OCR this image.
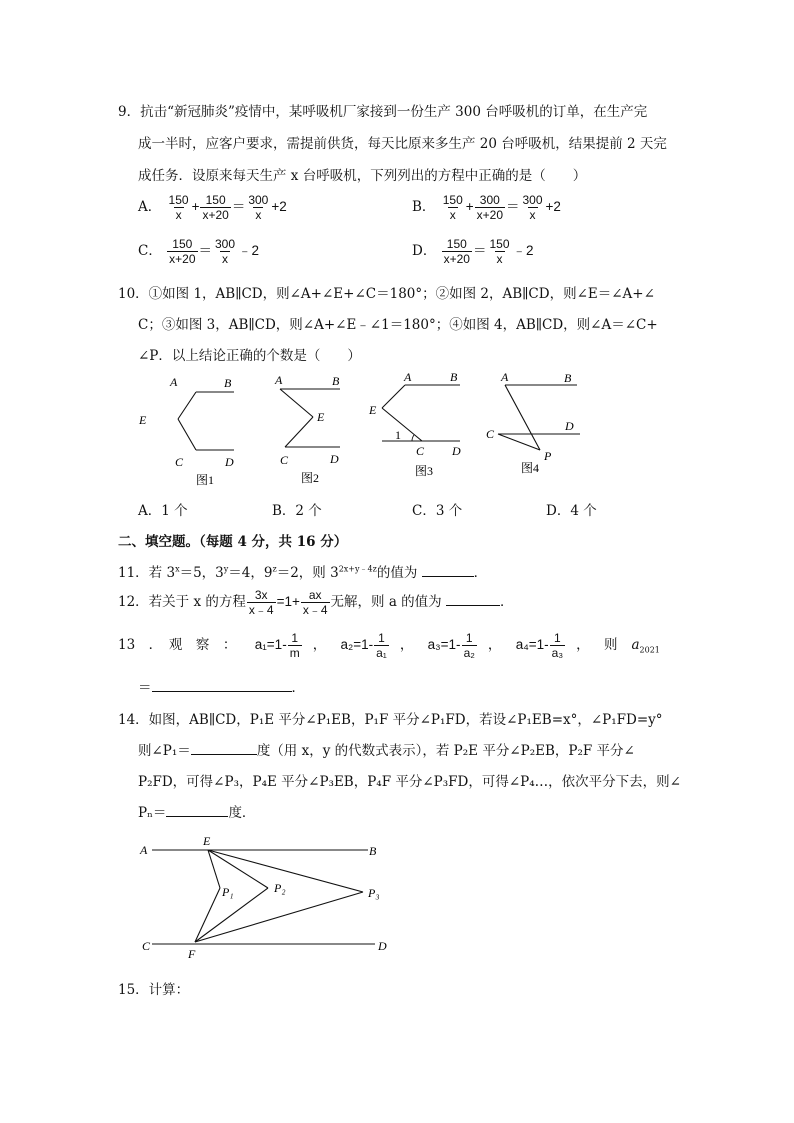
9．抗击“新冠肺炎”疫情中，某呼吸机厂家接到一份生产 300 台呼吸机的订单，在生产完
成一半时，应客户要求，需提前供货，每天比原来多生产 20 台呼吸机，结果提前 2 天完
成任务．设原来每天生产 x 台呼吸机，下列列出的方程中正确的是（　　）
A． $\frac{150}{x} + \frac{150}{x+20} = \frac{300}{x} +2$	B． $\frac{150}{x} + \frac{300}{x+20} = \frac{300}{x} +2$
C． $\frac{150}{x+20} = \frac{300}{x}$ ﹣2	D． $\frac{150}{x+20} = \frac{150}{x}$ ﹣2
10．①如图 1，AB∥CD，则∠A+∠E+∠C＝180°；②如图 2，AB∥CD，则∠E＝∠A+∠
C；③如图 3，AB∥CD，则∠A+∠E﹣∠1＝180°；④如图 4，AB∥CD，则∠A＝∠C+
∠P．以上结论正确的个数是（　　）
A	B
E
C	D
图1
A	B
E
C	D
图2
A	B
E
1
C D
图3
A	B
C
D
P
图4
A．1 个	B．2 个	C．3 个	D．4 个
二、填空题。（每题 4 分，共 16 分）
11．若 $3^x=5$，$3^y=4$，$9^z=2$，则 $3^{2x+y﹣4z}$的值为	．
12．若关于 x 的方程 $\frac{3x}{x﹣4} =1+ \frac{ax}{x﹣4}$ 无解，则 a 的值为	．
13　．　观　察　： $a_1=1- \frac{1}{m}$ ， $a_2=1- \frac{1}{\text{a₁}}$ ， $a_3=1- \frac{1}{\text{a₂}}$ ， $a_4=1- \frac{1}{\text{a₃}}$ ， 则 $a_{2021}$
＝	．
14．如图，AB∥CD，P₁E 平分∠P₁EB，P₁F 平分∠P₁FD，若设∠P₁EB=x°，∠P₁FD=y°
则∠P₁＝	度（用 x，y 的代数式表示），若 P₂E 平分∠P₂EB，P₂F 平分∠
P₂FD，可得∠P₃，P₄E 平分∠P₃EB，P₄F 平分∠P₃FD，可得∠P₄…，依次平分下去，则∠
Pₙ＝	度．
A
E
B
P₁	P₂	P₃
C
F
D
15．计算：
